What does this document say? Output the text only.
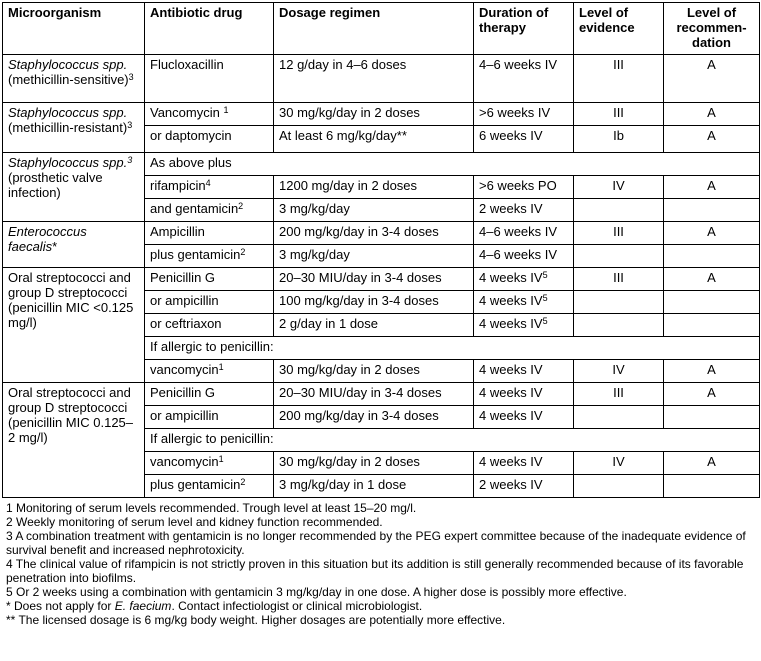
Microorganism	Antibiotic drug	Dosage regimen	Duration of therapy	Level of evidence	Level of recommen-dation
Staphylococcus spp. (methicillin-sensitive)$^3$	Flucloxacillin	12 g/day in 4–6 doses	4–6 weeks IV	III	A
Staphylococcus spp. (methicillin-resistant)$^3$	Vancomycin $^1$	30 mg/kg/day in 2 doses	>6 weeks IV	III	A
	or daptomycin	At least 6 mg/kg/day**	6 weeks IV	Ib	A
Staphylococcus spp.$^3$ (prosthetic valve infection)	As above plus				
	rifampicin$^4$	1200 mg/day in 2 doses	>6 weeks PO	IV	A
	and gentamicin$^2$	3 mg/kg/day	2 weeks IV		
Enterococcus faecalis*	Ampicillin	200 mg/kg/day in 3-4 doses	4–6 weeks IV	III	A
	plus gentamicin$^2$	3 mg/kg/day	4–6 weeks IV		
Oral streptococci and group D streptococci (penicillin MIC <0.125 mg/l)	Penicillin G	20–30 MIU/day in 3-4 doses	4 weeks $IV^5$	III	A
	or ampicillin	100 mg/kg/day in 3-4 doses	4 weeks $IV^5$		
	or ceftriaxon	2 g/day in 1 dose	4 weeks $IV^5$		
	If allergic to penicillin:				
	vancomycin$^1$	30 mg/kg/day in 2 doses	4 weeks IV	IV	A
Oral streptococci and group D streptococci (penicillin MIC 0.125–2 mg/l)	Penicillin G	20–30 MIU/day in 3-4 doses	4 weeks IV	III	A
	or ampicillin	200 mg/kg/day in 3-4 doses	4 weeks IV		
	If allergic to penicillin:				
	vancomycin$^1$	30 mg/kg/day in 2 doses	4 weeks IV	IV	A
	plus gentamicin$^2$	3 mg/kg/day in 1 dose	2 weeks IV		
1 Monitoring of serum levels recommended. Trough level at least 15–20 mg/l.
2 Weekly monitoring of serum level and kidney function recommended.
3 A combination treatment with gentamicin is no longer recommended by the PEG expert committee because of the inadequate evidence of survival benefit and increased nephrotoxicity.
4 The clinical value of rifampicin is not strictly proven in this situation but its addition is still generally recommended because of its favorable penetration into biofilms.
5 Or 2 weeks using a combination with gentamicin 3 mg/kg/day in one dose. A higher dose is possibly more effective.
* Does not apply for E. faecium. Contact infectiologist or clinical microbiologist.
** The licensed dosage is 6 mg/kg body weight. Higher dosages are potentially more effective.
